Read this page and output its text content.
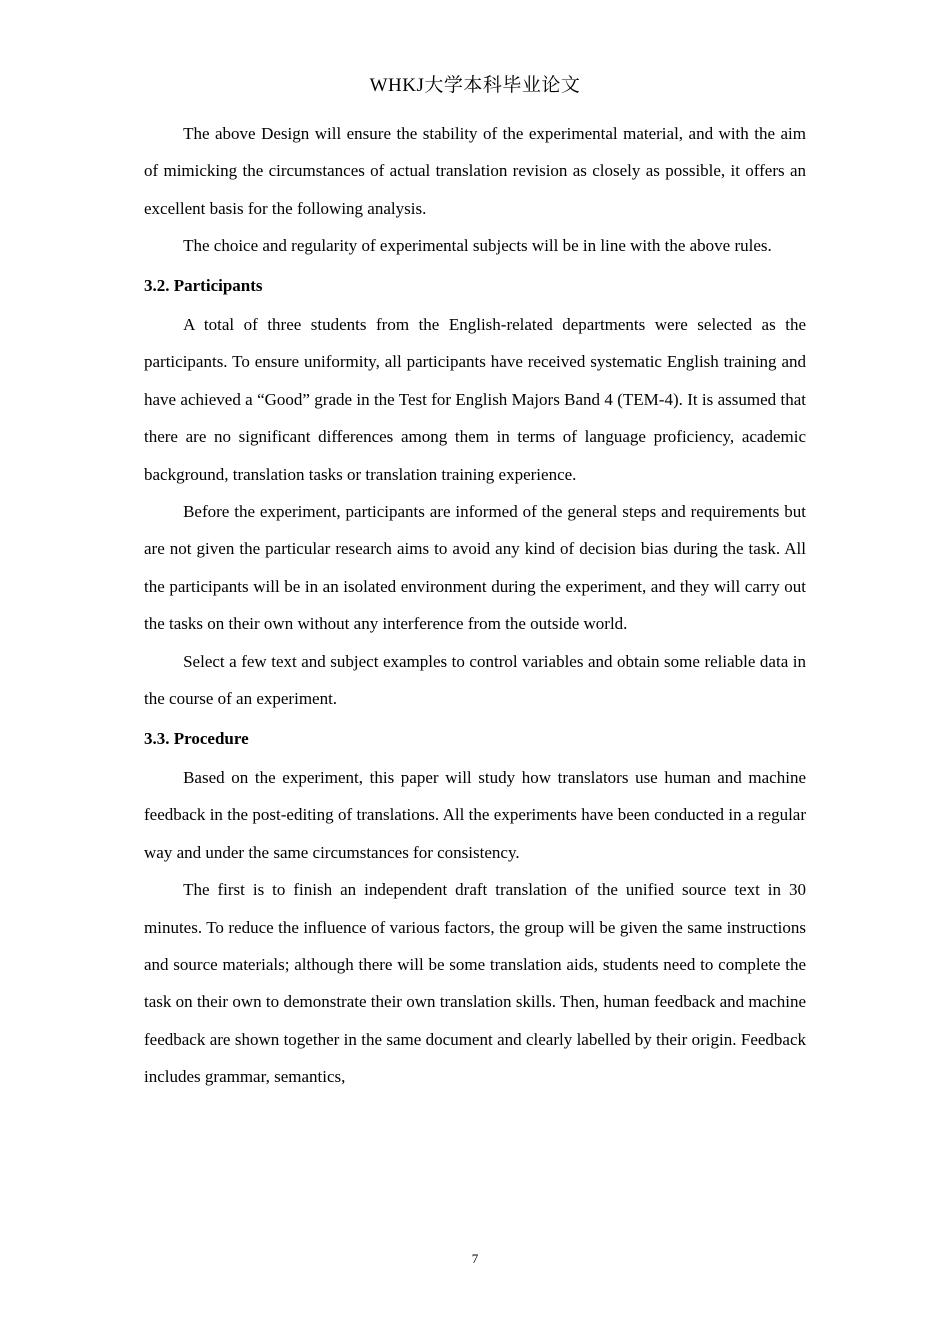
WHKJ大学本科毕业论文

The above Design will ensure the stability of the experimental material, and with the aim of mimicking the circumstances of actual translation revision as closely as possible, it offers an excellent basis for the following analysis.

The choice and regularity of experimental subjects will be in line with the above rules.

3.2. Participants

A total of three students from the English-related departments were selected as the participants. To ensure uniformity, all participants have received systematic English training and have achieved a “Good” grade in the Test for English Majors Band 4 (TEM-4). It is assumed that there are no significant differences among them in terms of language proficiency, academic background, translation tasks or translation training experience.

Before the experiment, participants are informed of the general steps and requirements but are not given the particular research aims to avoid any kind of decision bias during the task. All the participants will be in an isolated environment during the experiment, and they will carry out the tasks on their own without any interference from the outside world.

Select a few text and subject examples to control variables and obtain some reliable data in the course of an experiment.

3.3. Procedure

Based on the experiment, this paper will study how translators use human and machine feedback in the post-editing of translations. All the experiments have been conducted in a regular way and under the same circumstances for consistency.

The first is to finish an independent draft translation of the unified source text in 30 minutes. To reduce the influence of various factors, the group will be given the same instructions and source materials; although there will be some translation aids, students need to complete the task on their own to demonstrate their own translation skills. Then, human feedback and machine feedback are shown together in the same document and clearly labelled by their origin. Feedback includes grammar, semantics,

7
